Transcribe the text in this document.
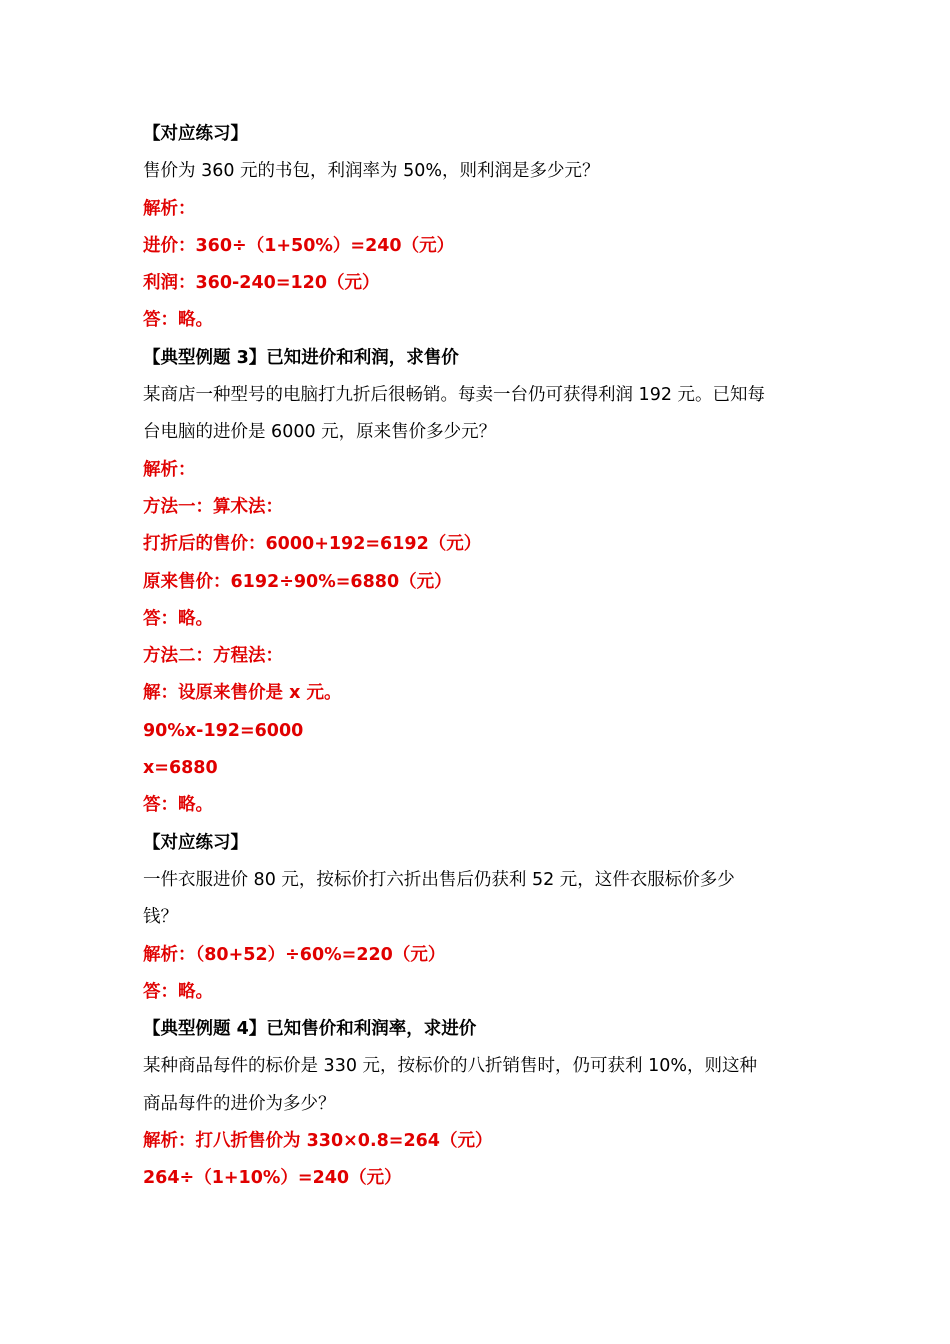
【对应练习】
售价为 360 元的书包，利润率为 50%，则利润是多少元？
解析：
进价：360÷（1+50%）=240（元）
利润：360-240=120（元）
答：略。
【典型例题 3】已知进价和利润，求售价
某商店一种型号的电脑打九折后很畅销。每卖一台仍可获得利润 192 元。已知每
台电脑的进价是 6000 元，原来售价多少元？
解析：
方法一：算术法：
打折后的售价：6000+192=6192（元）
原来售价：6192÷90%=6880（元）
答：略。
方法二：方程法：
解：设原来售价是 x 元。
90%x-192=6000
x=6880
答：略。
【对应练习】
一件衣服进价 80 元，按标价打六折出售后仍获利 52 元，这件衣服标价多少
钱？
解析：（80+52）÷60%=220（元）
答：略。
【典型例题 4】已知售价和利润率，求进价
某种商品每件的标价是 330 元，按标价的八折销售时，仍可获利 10%，则这种
商品每件的进价为多少？
解析：打八折售价为 330×0.8=264（元）
264÷（1+10%）=240（元）
